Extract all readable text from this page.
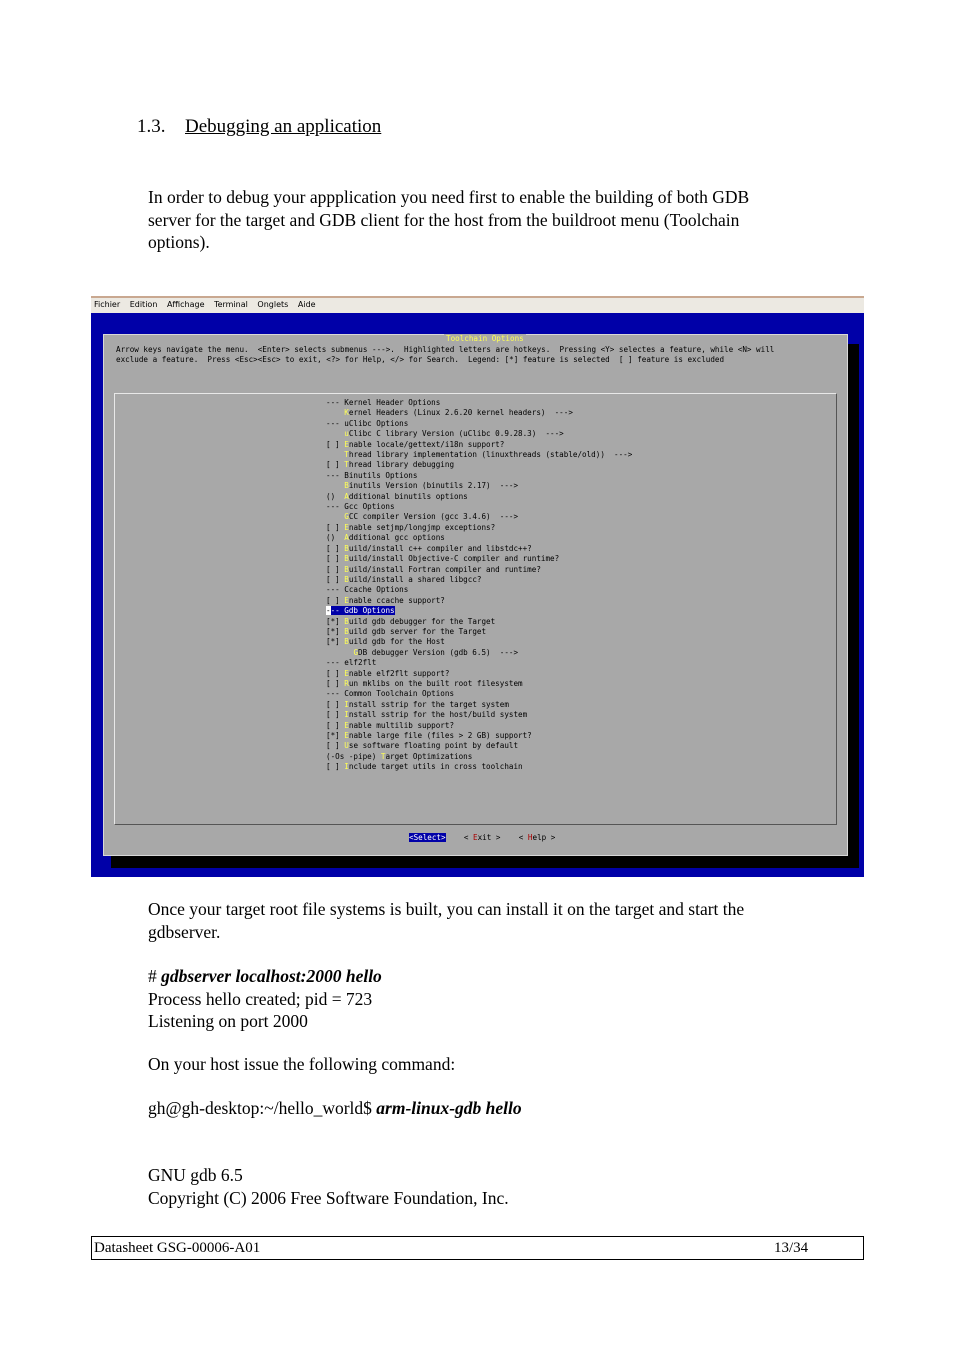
1.3. Debugging an application
In order to debug your appplication you need first to enable the building of both GDB
server for the target and GDB client for the host from the buildroot menu (Toolchain
options).
Fichier Edition Affichage Terminal Onglets Aide
Toolchain Options
Arrow keys navigate the menu.  <Enter> selects submenus --->.  Highlighted letters are hotkeys.  Pressing <Y> selectes a feature, while <N> will
exclude a feature.  Press <Esc><Esc> to exit, <?> for Help, </> for Search.  Legend: [*] feature is selected  [ ] feature is excluded
--- Kernel Header Options
Kernel Headers (Linux 2.6.20 kernel headers)  --->
--- uClibc Options
uClibc C library Version (uClibc 0.9.28.3)  --->
[ ] Enable locale/gettext/i18n support?
Thread library implementation (linuxthreads (stable/old))  --->
[ ] Thread library debugging
--- Binutils Options
Binutils Version (binutils 2.17)  --->
()  Additional binutils options
--- Gcc Options
GCC compiler Version (gcc 3.4.6)  --->
[ ] Enable setjmp/longjmp exceptions?
()  Additional gcc options
[ ] Build/install c++ compiler and libstdc++?
[ ] Build/install Objective-C compiler and runtime?
[ ] Build/install Fortran compiler and runtime?
[ ] Build/install a shared libgcc?
--- Ccache Options
[ ] Enable ccache support?
--- Gdb Options
[*] Build gdb debugger for the Target
[*] Build gdb server for the Target
[*] Build gdb for the Host
GDB debugger Version (gdb 6.5)  --->
--- elf2flt
[ ] Enable elf2flt support?
[ ] Run mklibs on the built root filesystem
--- Common Toolchain Options
[ ] Install sstrip for the target system
[ ] Install sstrip for the host/build system
[ ] Enable multilib support?
[*] Enable large file (files > 2 GB) support?
[ ] Use software floating point by default
(-Os -pipe) Target Optimizations
[ ] Include target utils in cross toolchain
<Select> < Exit > < Help >
Once your target root file systems is built, you can install it on the target and start the
gdbserver.
# gdbserver localhost:2000 hello
Process hello created; pid = 723
Listening on port 2000
On your host issue the following command:
gh@gh-desktop:~/hello_world$ arm-linux-gdb hello
GNU gdb 6.5
Copyright (C) 2006 Free Software Foundation, Inc.
Datasheet GSG-00006-A01	13/34
